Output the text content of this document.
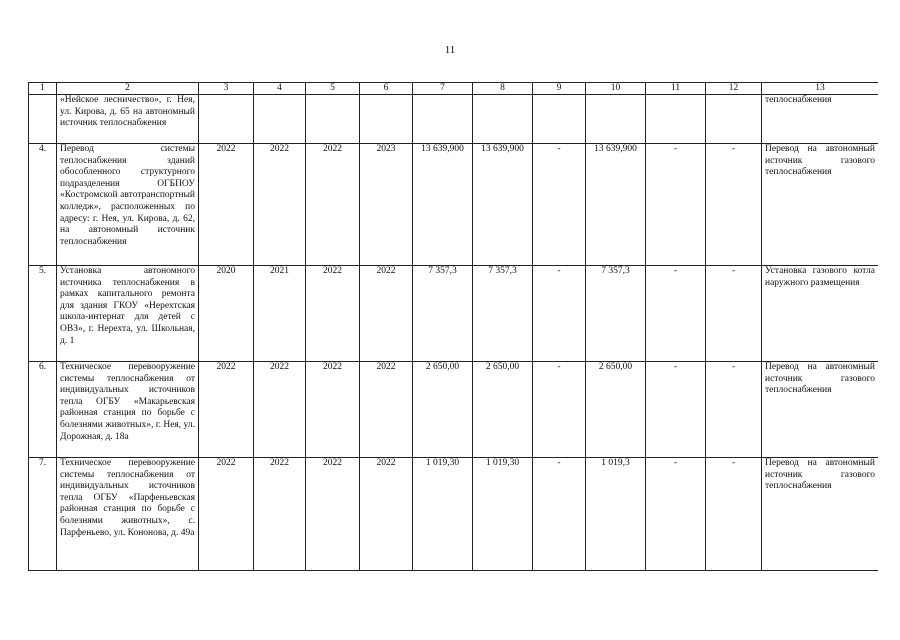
11
1	2	3	4	5	6	7	8	9	10	11	12	13
	«Нейское лесничество», г. Нея, ул. Кирова, д. 65 на автономный источник теплоснабжения											теплоснабжения
4.	Перевод системы теплоснабжения зданий обособленного структурного подразделения ОГБПОУ «Костромской автотранспортный колледж», расположенных по адресу: г. Нея, ул. Кирова, д. 62, на автономный источник теплоснабжения	2022	2022	2022	2023	13 639,900	13 639,900	-	13 639,900	-	-	Перевод на автономный источник газового теплоснабжения
5.	Установка автономного источника теплоснабжения в рамках капитального ремонта для здания ГКОУ «Нерехтская школа-интернат для детей с ОВЗ», г. Нерехта, ул. Школьная, д. 1	2020	2021	2022	2022	7 357,3	7 357,3	-	7 357,3	-	-	Установка газового котла наружного размещения
6.	Техническое перевооружение системы теплоснабжения от индивидуальных источников тепла ОГБУ «Макарьевская районная станция по борьбе с болезнями животных», г. Нея, ул. Дорожная, д. 18а	2022	2022	2022	2022	2 650,00	2 650,00	-	2 650,00	-	-	Перевод на автономный источник газового теплоснабжения
7.	Техническое перевооружение системы теплоснабжения от индивидуальных источников тепла ОГБУ «Парфеньевская районная станция по борьбе с болезнями животных», с. Парфеньево, ул. Кононова, д. 49а	2022	2022	2022	2022	1 019,30	1 019,30	-	1 019,3	-	-	Перевод на автономный источник газового теплоснабжения
